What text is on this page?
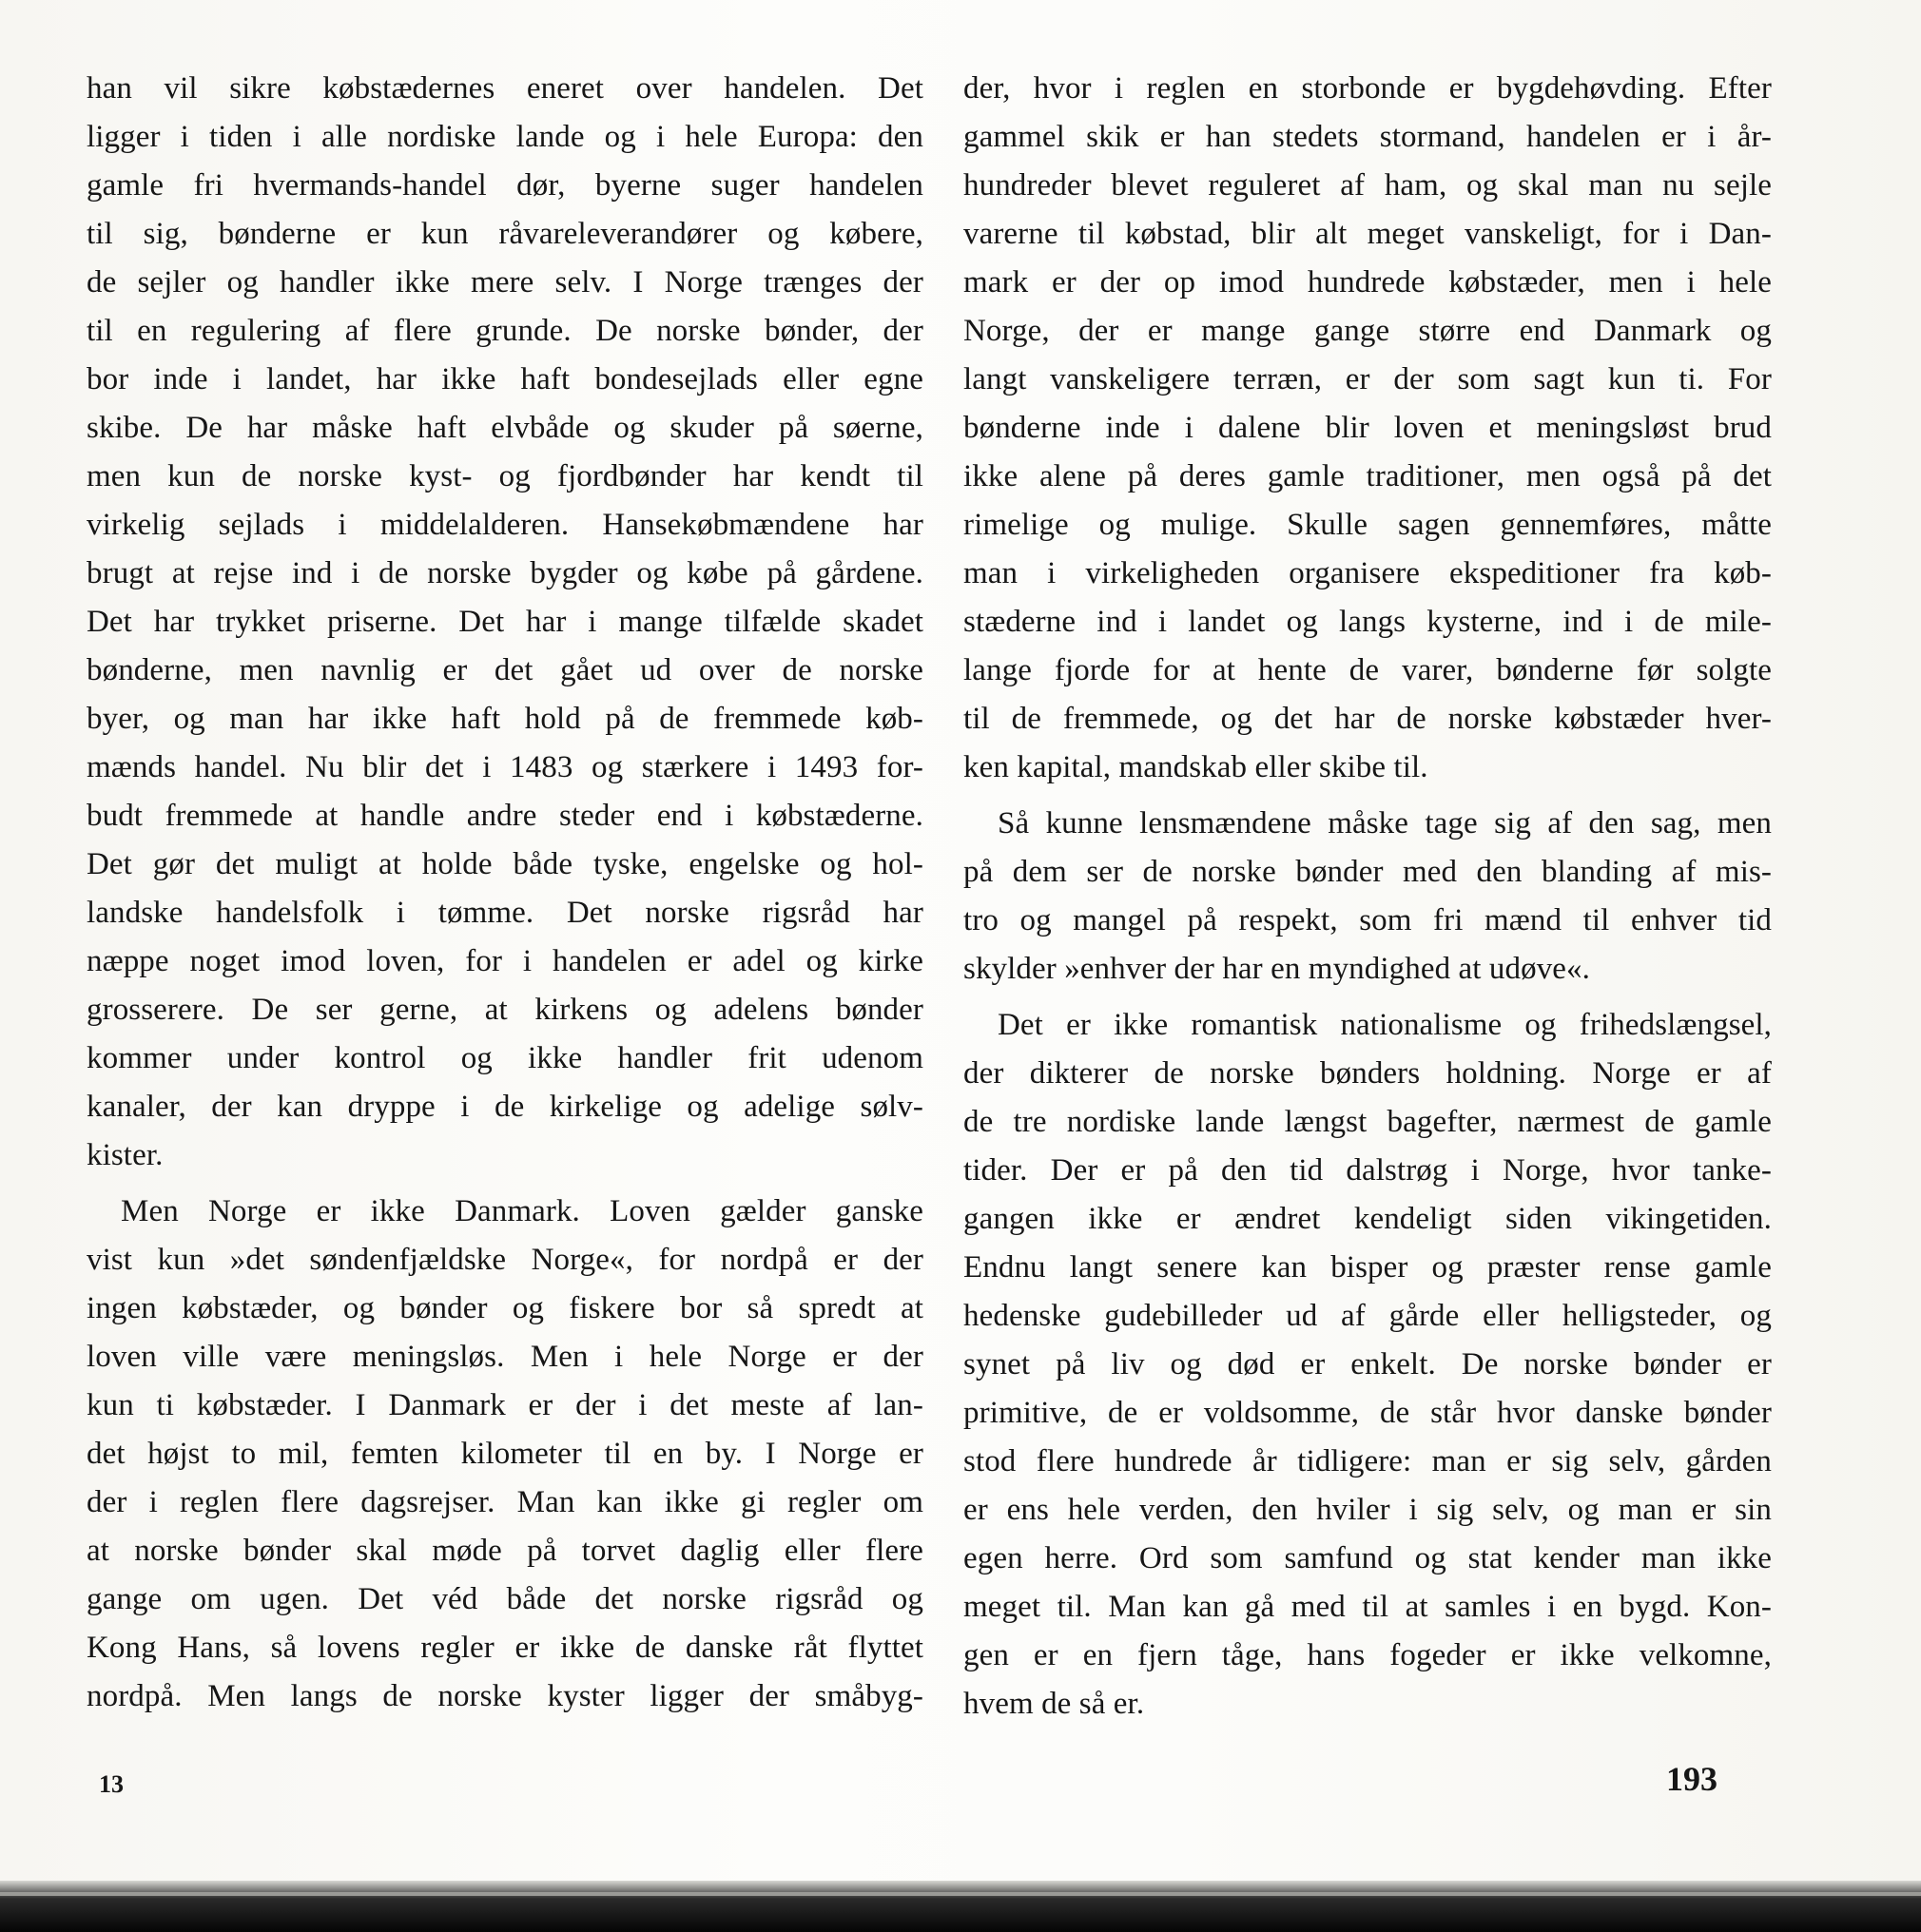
han vil sikre købstædernes eneret over handelen. Det
ligger i tiden i alle nordiske lande og i hele Europa: den
gamle fri hvermands-handel dør, byerne suger handelen
til sig, bønderne er kun råvareleverandører og købere,
de sejler og handler ikke mere selv. I Norge trænges der
til en regulering af flere grunde. De norske bønder, der
bor inde i landet, har ikke haft bondesejlads eller egne
skibe. De har måske haft elvbåde og skuder på søerne,
men kun de norske kyst- og fjordbønder har kendt til
virkelig sejlads i middelalderen. Hansekøbmændene har
brugt at rejse ind i de norske bygder og købe på gårdene.
Det har trykket priserne. Det har i mange tilfælde skadet
bønderne, men navnlig er det gået ud over de norske
byer, og man har ikke haft hold på de fremmede køb-
mænds handel. Nu blir det i 1483 og stærkere i 1493 for-
budt fremmede at handle andre steder end i købstæderne.
Det gør det muligt at holde både tyske, engelske og hol-
landske handelsfolk i tømme. Det norske rigsråd har
næppe noget imod loven, for i handelen er adel og kirke
grosserere. De ser gerne, at kirkens og adelens bønder
kommer under kontrol og ikke handler frit udenom
kanaler, der kan dryppe i de kirkelige og adelige sølv-
kister.
Men Norge er ikke Danmark. Loven gælder ganske
vist kun »det søndenfjældske Norge«, for nordpå er der
ingen købstæder, og bønder og fiskere bor så spredt at
loven ville være meningsløs. Men i hele Norge er der
kun ti købstæder. I Danmark er der i det meste af lan-
det højst to mil, femten kilometer til en by. I Norge er
der i reglen flere dagsrejser. Man kan ikke gi regler om
at norske bønder skal møde på torvet daglig eller flere
gange om ugen. Det véd både det norske rigsråd og
Kong Hans, så lovens regler er ikke de danske råt flyttet
nordpå. Men langs de norske kyster ligger der småbyg-
der, hvor i reglen en storbonde er bygdehøvding. Efter
gammel skik er han stedets stormand, handelen er i år-
hundreder blevet reguleret af ham, og skal man nu sejle
varerne til købstad, blir alt meget vanskeligt, for i Dan-
mark er der op imod hundrede købstæder, men i hele
Norge, der er mange gange større end Danmark og
langt vanskeligere terræn, er der som sagt kun ti. For
bønderne inde i dalene blir loven et meningsløst brud
ikke alene på deres gamle traditioner, men også på det
rimelige og mulige. Skulle sagen gennemføres, måtte
man i virkeligheden organisere ekspeditioner fra køb-
stæderne ind i landet og langs kysterne, ind i de mile-
lange fjorde for at hente de varer, bønderne før solgte
til de fremmede, og det har de norske købstæder hver-
ken kapital, mandskab eller skibe til.
Så kunne lensmændene måske tage sig af den sag, men
på dem ser de norske bønder med den blanding af mis-
tro og mangel på respekt, som fri mænd til enhver tid
skylder »enhver der har en myndighed at udøve«.
Det er ikke romantisk nationalisme og frihedslængsel,
der dikterer de norske bønders holdning. Norge er af
de tre nordiske lande længst bagefter, nærmest de gamle
tider. Der er på den tid dalstrøg i Norge, hvor tanke-
gangen ikke er ændret kendeligt siden vikingetiden.
Endnu langt senere kan bisper og præster rense gamle
hedenske gudebilleder ud af gårde eller helligsteder, og
synet på liv og død er enkelt. De norske bønder er
primitive, de er voldsomme, de står hvor danske bønder
stod flere hundrede år tidligere: man er sig selv, gården
er ens hele verden, den hviler i sig selv, og man er sin
egen herre. Ord som samfund og stat kender man ikke
meget til. Man kan gå med til at samles i en bygd. Kon-
gen er en fjern tåge, hans fogeder er ikke velkomne,
hvem de så er.
13	193
